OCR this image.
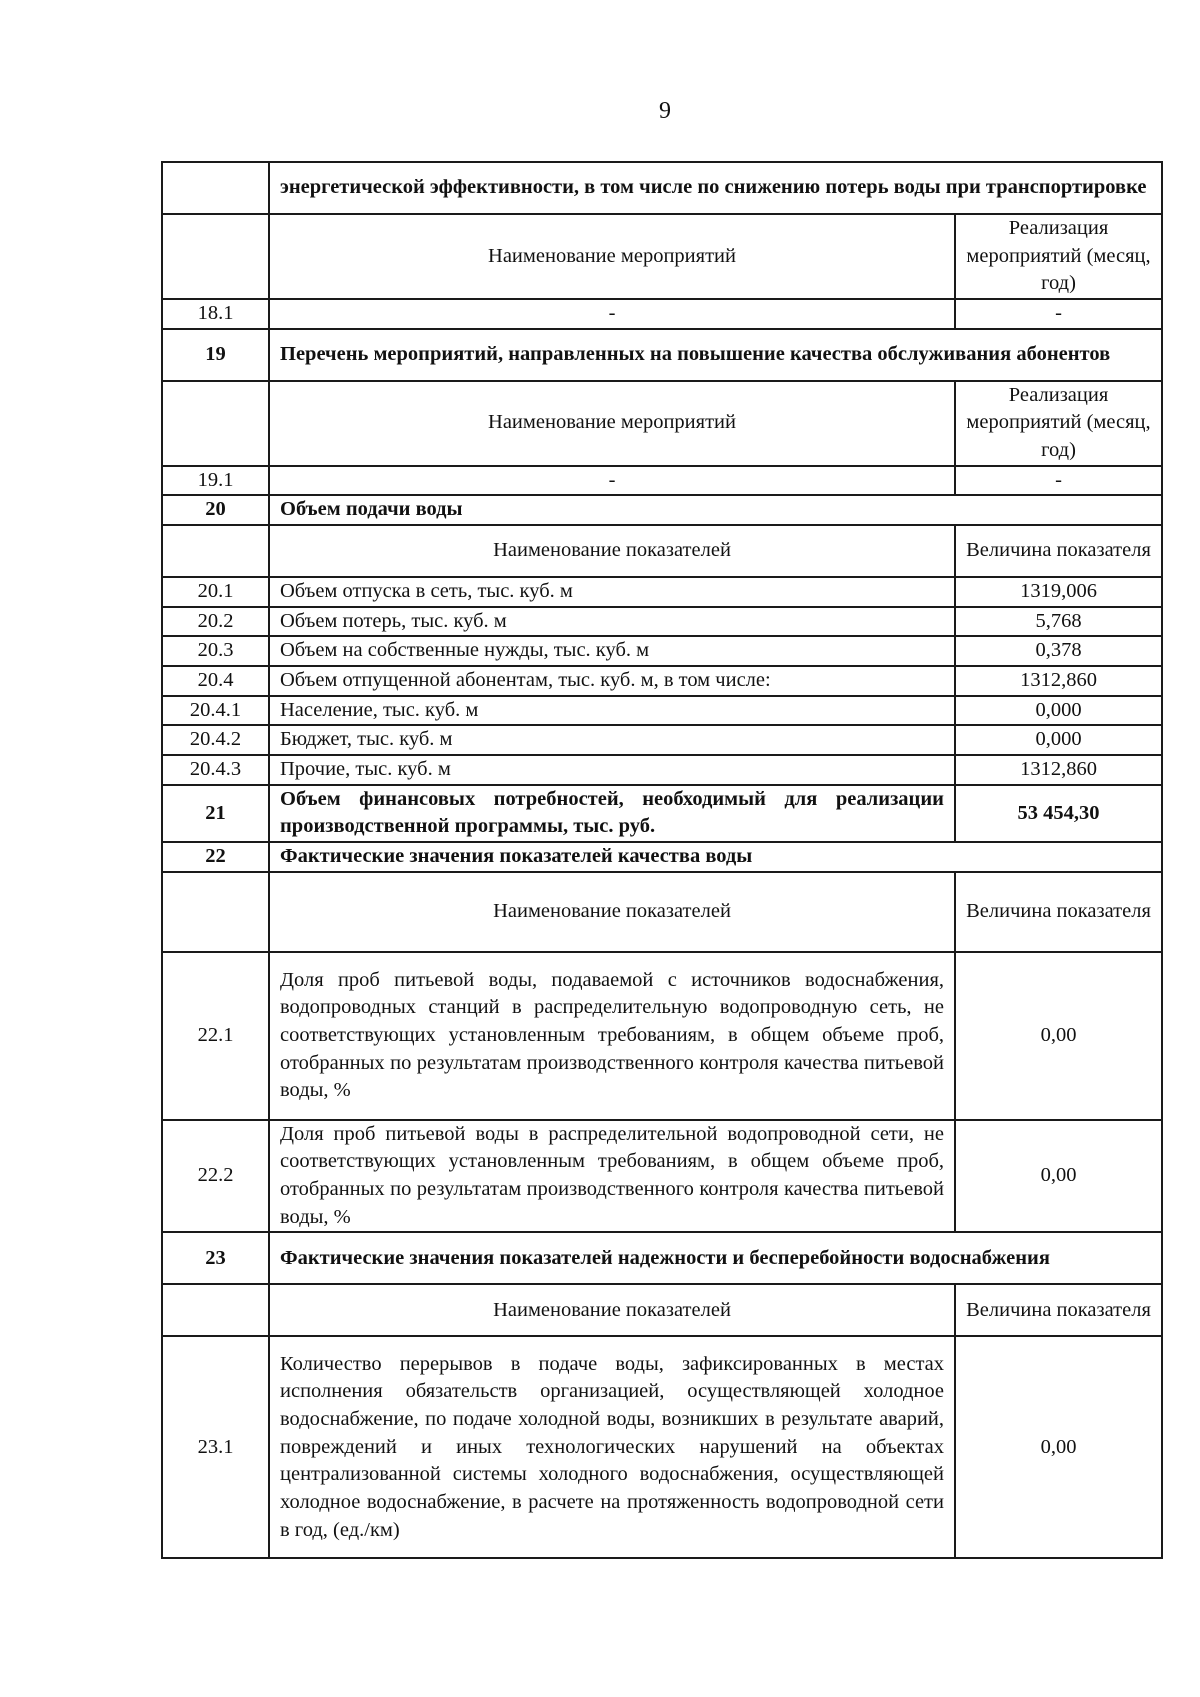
9
	энергетической эффективности, в том числе по снижению потерь воды при транспортировке	
	Наименование мероприятий	Реализация мероприятий (месяц, год)
18.1	-	-
19	Перечень мероприятий, направленных на повышение качества обслуживания абонентов	
	Наименование мероприятий	Реализация мероприятий (месяц, год)
19.1	-	-
20	Объем подачи воды	
	Наименование показателей	Величина показателя
20.1	Объем отпуска в сеть, тыс. куб. м	1319,006
20.2	Объем потерь, тыс. куб. м	5,768
20.3	Объем на собственные нужды, тыс. куб. м	0,378
20.4	Объем отпущенной абонентам, тыс. куб. м, в том числе:	1312,860
20.4.1	Население, тыс. куб. м	0,000
20.4.2	Бюджет, тыс. куб. м	0,000
20.4.3	Прочие, тыс. куб. м	1312,860
21	Объем финансовых потребностей, необходимый для реализации производственной программы, тыс. руб.	53 454,30
22	Фактические значения показателей качества воды	
	Наименование показателей	Величина показателя
22.1	Доля проб питьевой воды, подаваемой с источников водоснабжения, водопроводных станций в распределительную водопроводную сеть, не соответствующих установленным требованиям, в общем объеме проб, отобранных по результатам производственного контроля качества питьевой воды, %	0,00
22.2	Доля проб питьевой воды в распределительной водопроводной сети, не соответствующих установленным требованиям, в общем объеме проб, отобранных по результатам производственного контроля качества питьевой воды, %	0,00
23	Фактические значения показателей надежности и бесперебойности водоснабжения	
	Наименование показателей	Величина показателя
23.1	Количество перерывов в подаче воды, зафиксированных в местах исполнения обязательств организацией, осуществляющей холодное водоснабжение, по подаче холодной воды, возникших в результате аварий, повреждений и иных технологических нарушений на объектах централизованной системы холодного водоснабжения, осуществляющей холодное водоснабжение, в расчете на протяженность водопроводной сети в год, (ед./км)	0,00
